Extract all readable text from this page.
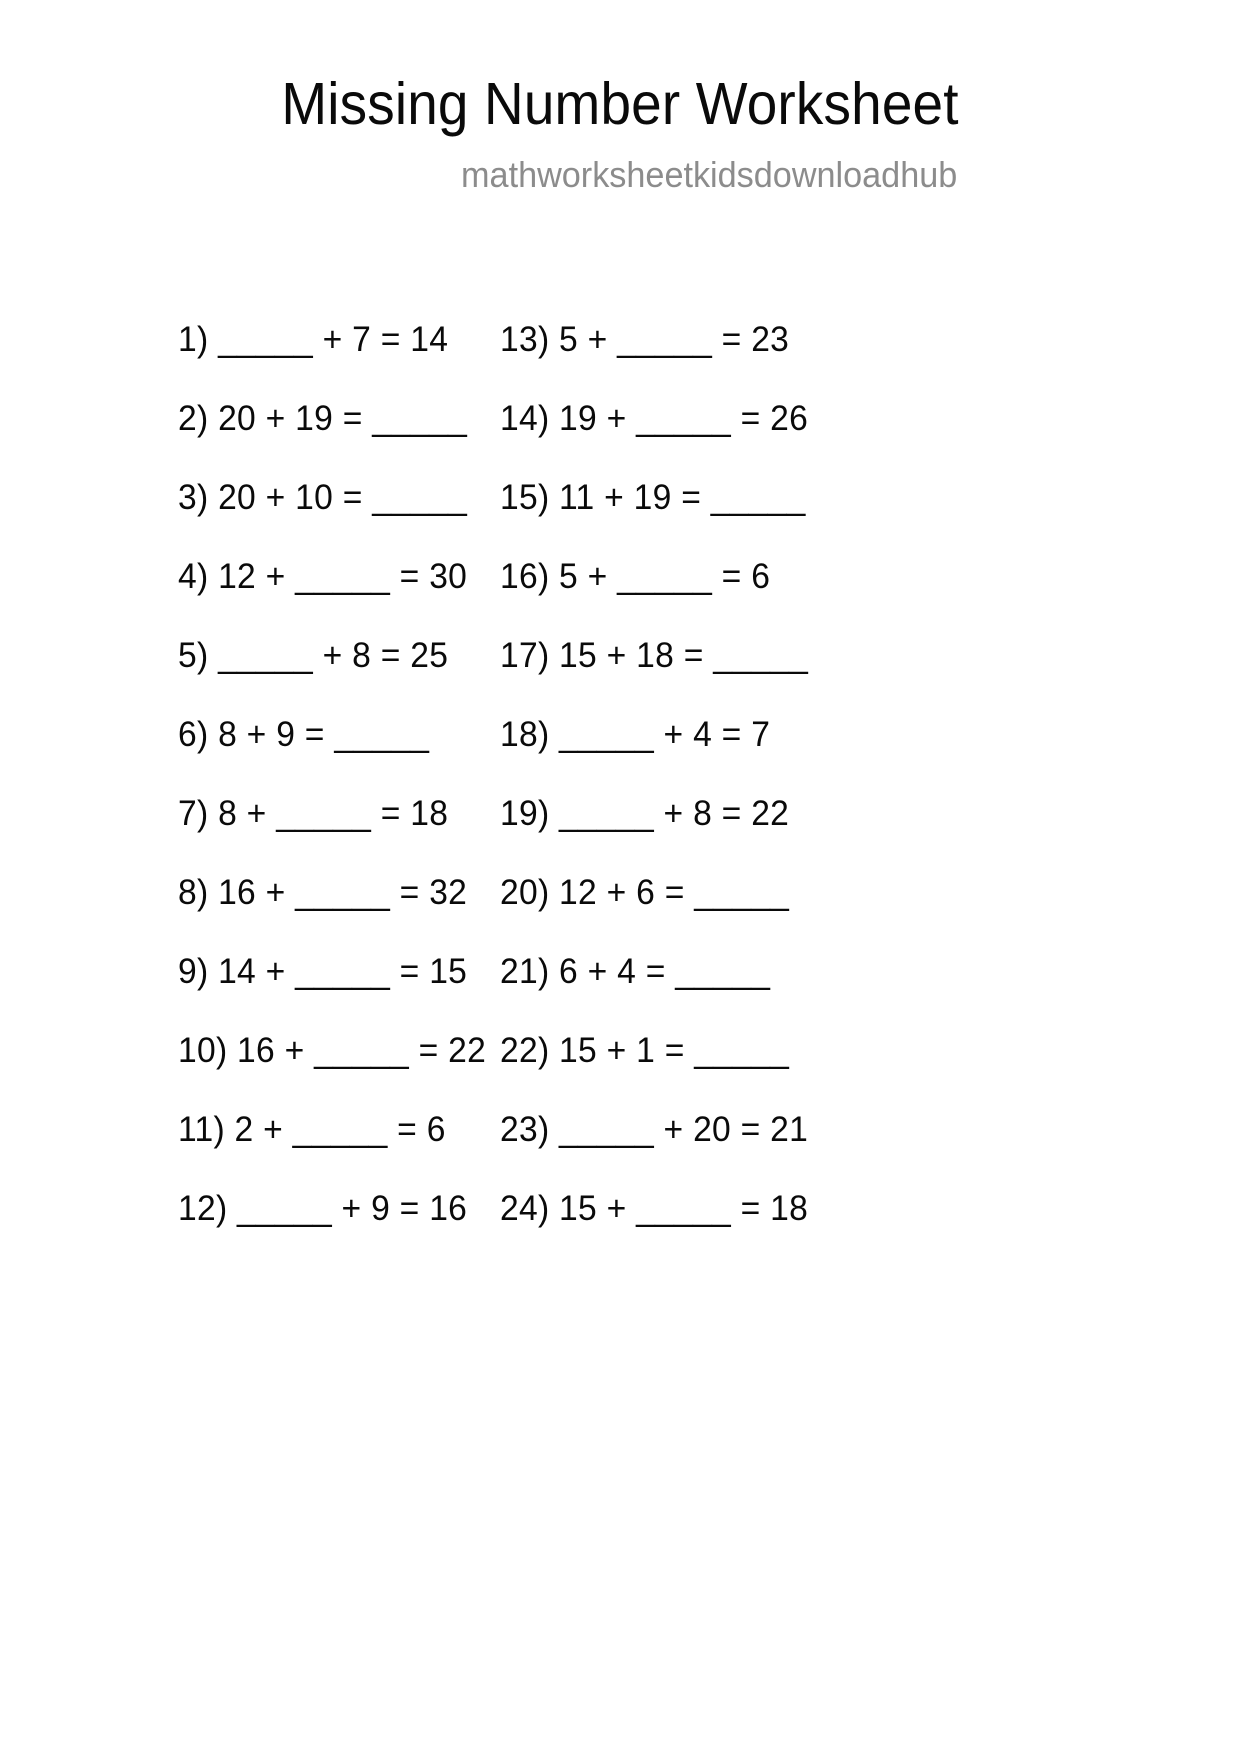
Missing Number Worksheet
mathworksheetkidsdownloadhub
1) _____ + 7 = 14
2) 20 + 19 = _____
3) 20 + 10 = _____
4) 12 + _____ = 30
5) _____ + 8 = 25
6) 8 + 9 = _____
7) 8 + _____ = 18
8) 16 + _____ = 32
9) 14 + _____ = 15
10) 16 + _____ = 22
11) 2 + _____ = 6
12) _____ + 9 = 16
13) 5 + _____ = 23
14) 19 + _____ = 26
15) 11 + 19 = _____
16) 5 + _____ = 6
17) 15 + 18 = _____
18) _____ + 4 = 7
19) _____ + 8 = 22
20) 12 + 6 = _____
21) 6 + 4 = _____
22) 15 + 1 = _____
23) _____ + 20 = 21
24) 15 + _____ = 18
